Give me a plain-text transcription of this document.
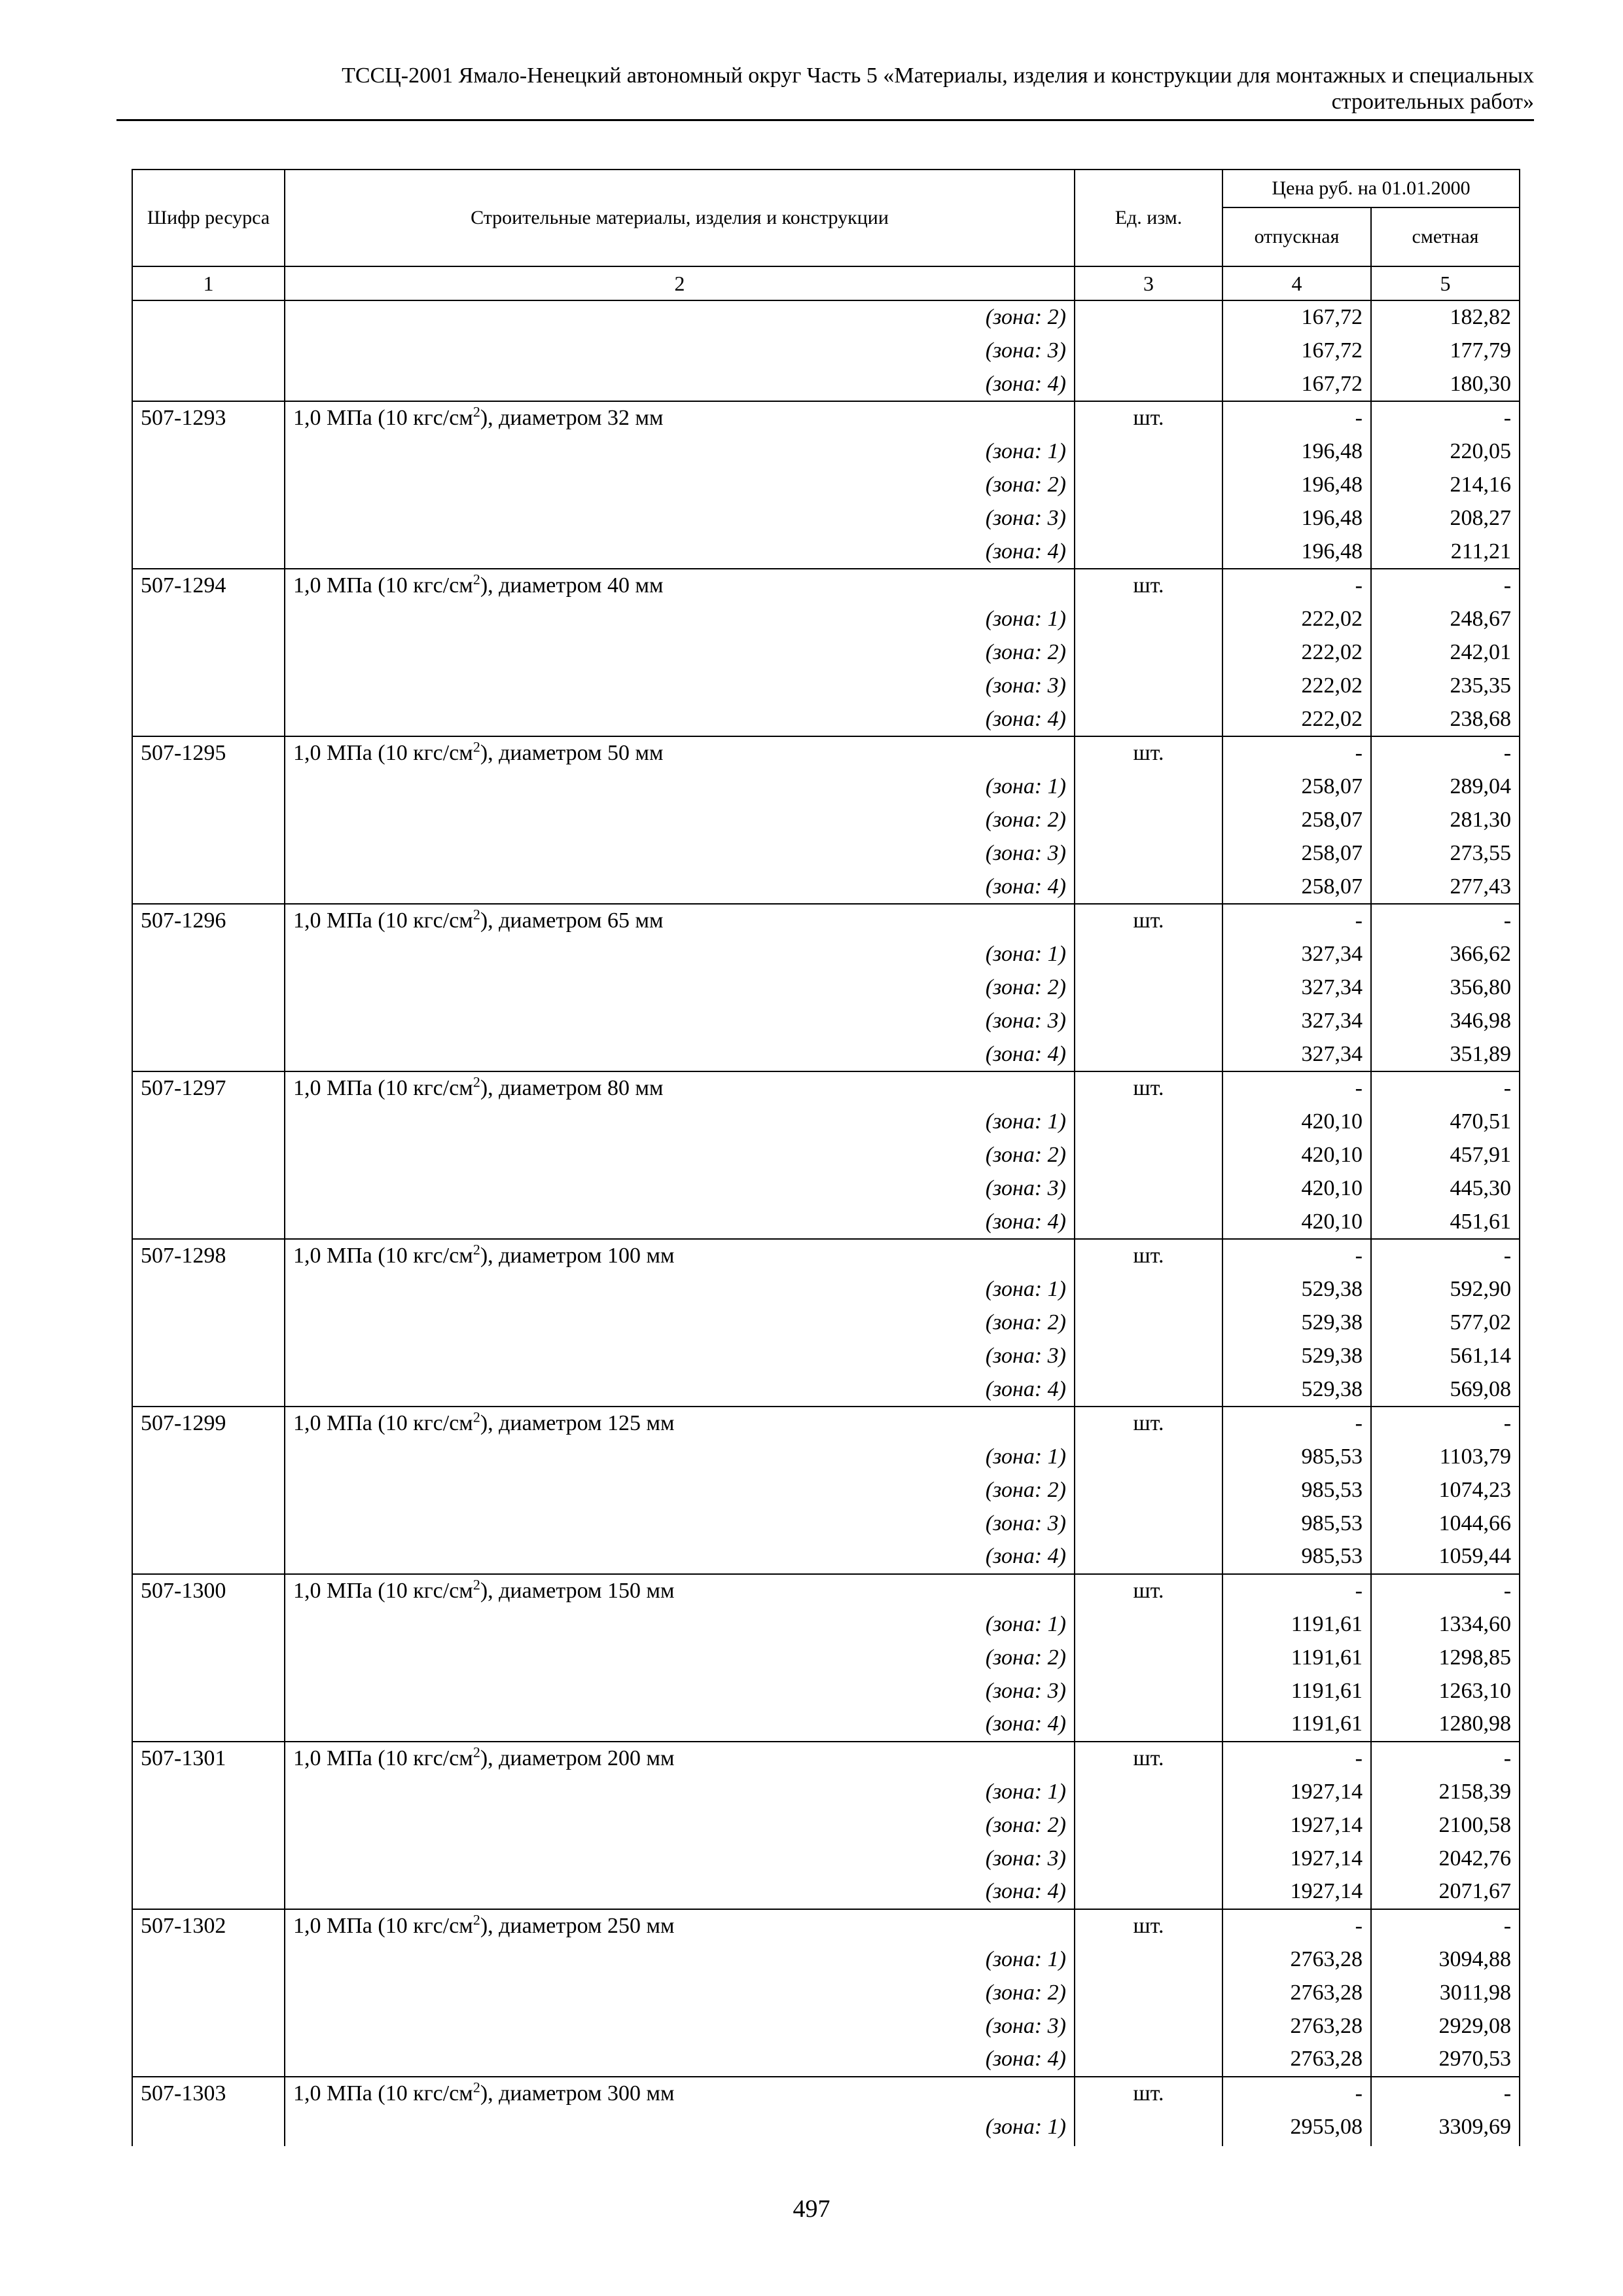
ТССЦ-2001 Ямало-Ненецкий автономный округ Часть 5 «Материалы, изделия и конструкции для монтажных и специальных
строительных работ»
Шифр ресурса	Строительные материалы, изделия и конструкции	Ед. изм.	Цена руб. на 01.01.2000	
			отпускная	сметная
1	2	3	4	5
	(зона: 2)		167,72	182,82
	(зона: 3)		167,72	177,79
	(зона: 4)		167,72	180,30
507-1293	1,0 МПа (10 кгс/$см^2$), диаметром 32 мм	шт.	-	-
	(зона: 1)		196,48	220,05
	(зона: 2)		196,48	214,16
	(зона: 3)		196,48	208,27
	(зона: 4)		196,48	211,21
507-1294	1,0 МПа (10 кгс/$см^2$), диаметром 40 мм	шт.	-	-
	(зона: 1)		222,02	248,67
	(зона: 2)		222,02	242,01
	(зона: 3)		222,02	235,35
	(зона: 4)		222,02	238,68
507-1295	1,0 МПа (10 кгс/$см^2$), диаметром 50 мм	шт.	-	-
	(зона: 1)		258,07	289,04
	(зона: 2)		258,07	281,30
	(зона: 3)		258,07	273,55
	(зона: 4)		258,07	277,43
507-1296	1,0 МПа (10 кгс/$см^2$), диаметром 65 мм	шт.	-	-
	(зона: 1)		327,34	366,62
	(зона: 2)		327,34	356,80
	(зона: 3)		327,34	346,98
	(зона: 4)		327,34	351,89
507-1297	1,0 МПа (10 кгс/$см^2$), диаметром 80 мм	шт.	-	-
	(зона: 1)		420,10	470,51
	(зона: 2)		420,10	457,91
	(зона: 3)		420,10	445,30
	(зона: 4)		420,10	451,61
507-1298	1,0 МПа (10 кгс/$см^2$), диаметром 100 мм	шт.	-	-
	(зона: 1)		529,38	592,90
	(зона: 2)		529,38	577,02
	(зона: 3)		529,38	561,14
	(зона: 4)		529,38	569,08
507-1299	1,0 МПа (10 кгс/$см^2$), диаметром 125 мм	шт.	-	-
	(зона: 1)		985,53	1103,79
	(зона: 2)		985,53	1074,23
	(зона: 3)		985,53	1044,66
	(зона: 4)		985,53	1059,44
507-1300	1,0 МПа (10 кгс/$см^2$), диаметром 150 мм	шт.	-	-
	(зона: 1)		1191,61	1334,60
	(зона: 2)		1191,61	1298,85
	(зона: 3)		1191,61	1263,10
	(зона: 4)		1191,61	1280,98
507-1301	1,0 МПа (10 кгс/$см^2$), диаметром 200 мм	шт.	-	-
	(зона: 1)		1927,14	2158,39
	(зона: 2)		1927,14	2100,58
	(зона: 3)		1927,14	2042,76
	(зона: 4)		1927,14	2071,67
507-1302	1,0 МПа (10 кгс/$см^2$), диаметром 250 мм	шт.	-	-
	(зона: 1)		2763,28	3094,88
	(зона: 2)		2763,28	3011,98
	(зона: 3)		2763,28	2929,08
	(зона: 4)		2763,28	2970,53
507-1303	1,0 МПа (10 кгс/$см^2$), диаметром 300 мм	шт.	-	-
	(зона: 1)		2955,08	3309,69
497
